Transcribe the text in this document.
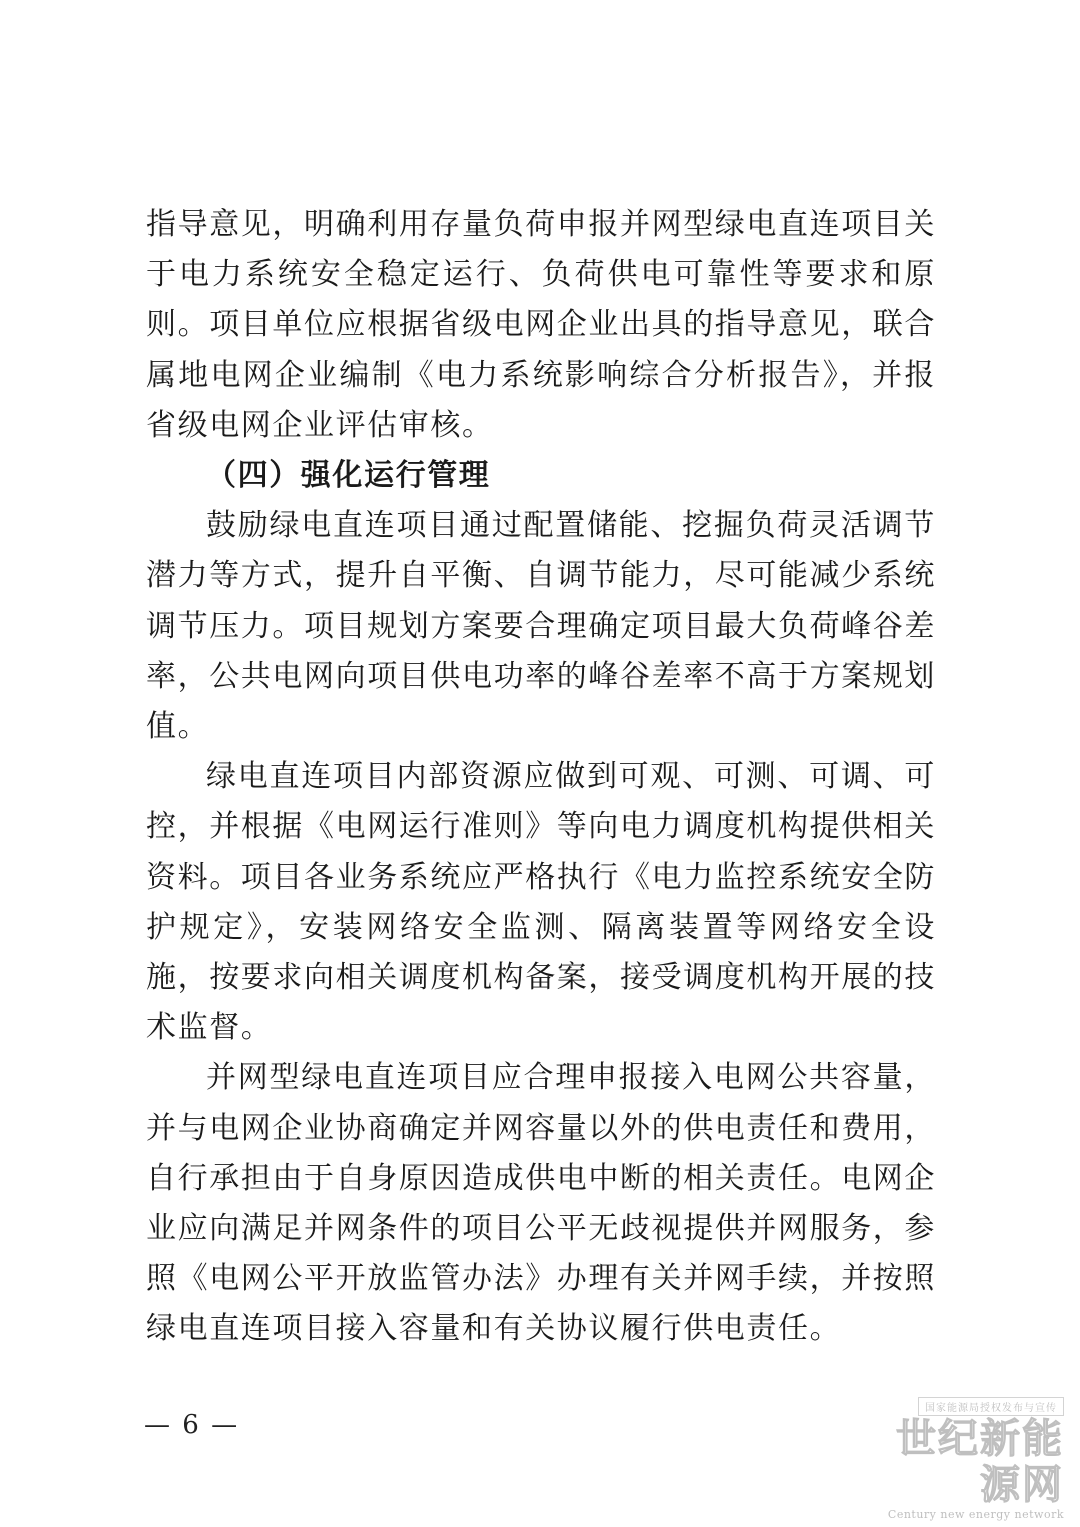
指导意见，明确利用存量负荷申报并网型绿电直连项目关于电力系统安全稳定运行、负荷供电可靠性等要求和原则。项目单位应根据省级电网企业出具的指导意见，联合属地电网企业编制《电力系统影响综合分析报告》，并报省级电网企业评估审核。

（四）强化运行管理

鼓励绿电直连项目通过配置储能、挖掘负荷灵活调节潜力等方式，提升自平衡、自调节能力，尽可能减少系统调节压力。项目规划方案要合理确定项目最大负荷峰谷差率，公共电网向项目供电功率的峰谷差率不高于方案规划值。

绿电直连项目内部资源应做到可观、可测、可调、可控，并根据《电网运行准则》等向电力调度机构提供相关资料。项目各业务系统应严格执行《电力监控系统安全防护规定》，安装网络安全监测、隔离装置等网络安全设施，按要求向相关调度机构备案，接受调度机构开展的技术监督。

并网型绿电直连项目应合理申报接入电网公共容量，并与电网企业协商确定并网容量以外的供电责任和费用，自行承担由于自身原因造成供电中断的相关责任。电网企业应向满足并网条件的项目公平无歧视提供并网服务，参照《电网公平开放监管办法》办理有关并网手续，并按照绿电直连项目接入容量和有关协议履行供电责任。

— 6 —
国家能源局授权发布与宣传
世纪新能源网
Century new energy network
